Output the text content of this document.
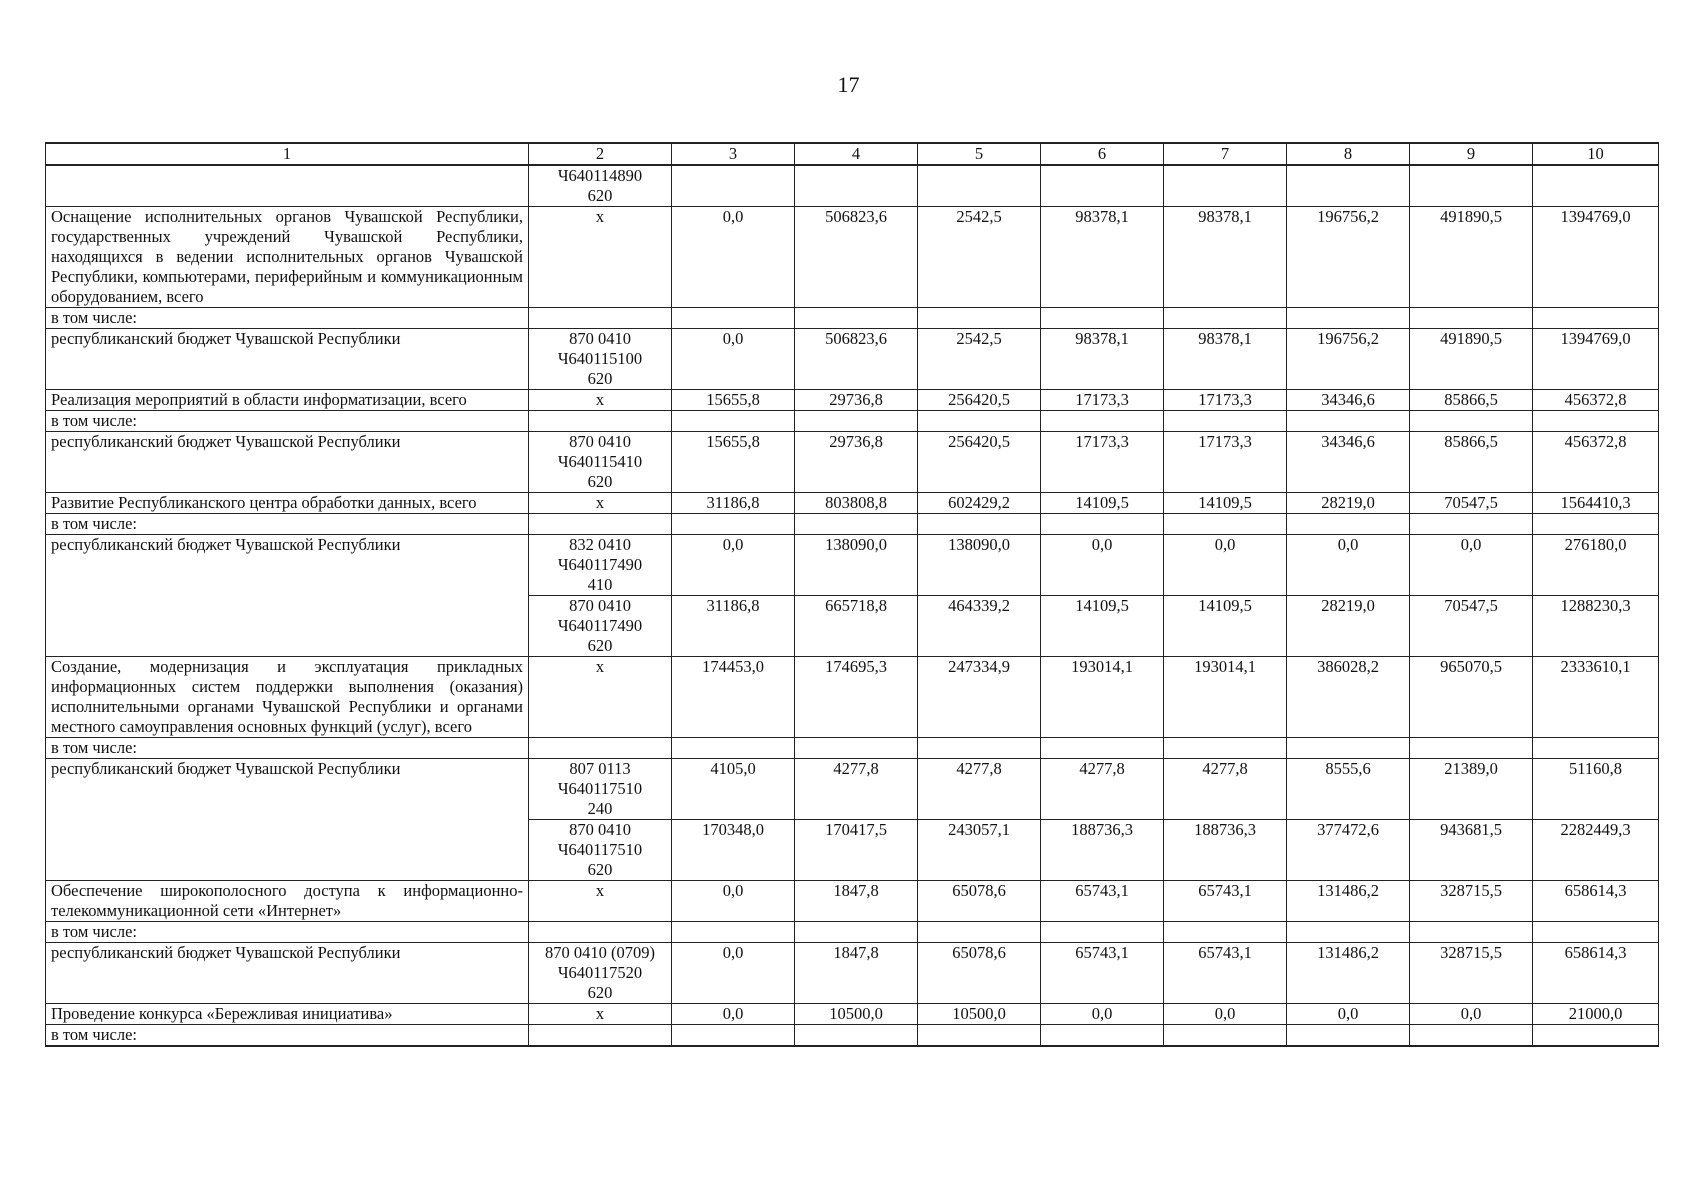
17
1	2	3	4	5	6	7	8	9	10
	Ч640114890
620								
Оснащение исполнительных органов Чувашской Республики, государственных учреждений Чувашской Республики, находящихся в ведении исполнительных органов Чувашской Республики, компьютерами, периферийным и коммуникационным оборудованием, всего	х	0,0	506823,6	2542,5	98378,1	98378,1	196756,2	491890,5	1394769,0
в том числе:									
республиканский бюджет Чувашской Республики	870 0410
Ч640115100
620	0,0	506823,6	2542,5	98378,1	98378,1	196756,2	491890,5	1394769,0
Реализация мероприятий в области информатизации, всего	х	15655,8	29736,8	256420,5	17173,3	17173,3	34346,6	85866,5	456372,8
в том числе:									
республиканский бюджет Чувашской Республики	870 0410
Ч640115410
620	15655,8	29736,8	256420,5	17173,3	17173,3	34346,6	85866,5	456372,8
Развитие Республиканского центра обработки данных, всего	х	31186,8	803808,8	602429,2	14109,5	14109,5	28219,0	70547,5	1564410,3
в том числе:									
республиканский бюджет Чувашской Республики	832 0410
Ч640117490
410	0,0	138090,0	138090,0	0,0	0,0	0,0	0,0	276180,0
	870 0410
Ч640117490
620	31186,8	665718,8	464339,2	14109,5	14109,5	28219,0	70547,5	1288230,3
Создание, модернизация и эксплуатация прикладных информационных систем поддержки выполнения (оказания) исполнительными органами Чувашской Республики и органами местного самоуправления основных функций (услуг), всего	х	174453,0	174695,3	247334,9	193014,1	193014,1	386028,2	965070,5	2333610,1
в том числе:									
республиканский бюджет Чувашской Республики	807 0113
Ч640117510
240	4105,0	4277,8	4277,8	4277,8	4277,8	8555,6	21389,0	51160,8
	870 0410
Ч640117510
620	170348,0	170417,5	243057,1	188736,3	188736,3	377472,6	943681,5	2282449,3
Обеспечение широкополосного доступа к информационно-телекоммуникационной сети «Интернет»	х	0,0	1847,8	65078,6	65743,1	65743,1	131486,2	328715,5	658614,3
в том числе:									
республиканский бюджет Чувашской Республики	870 0410 (0709)
Ч640117520
620	0,0	1847,8	65078,6	65743,1	65743,1	131486,2	328715,5	658614,3
Проведение конкурса «Бережливая инициатива»	х	0,0	10500,0	10500,0	0,0	0,0	0,0	0,0	21000,0
в том числе:									
